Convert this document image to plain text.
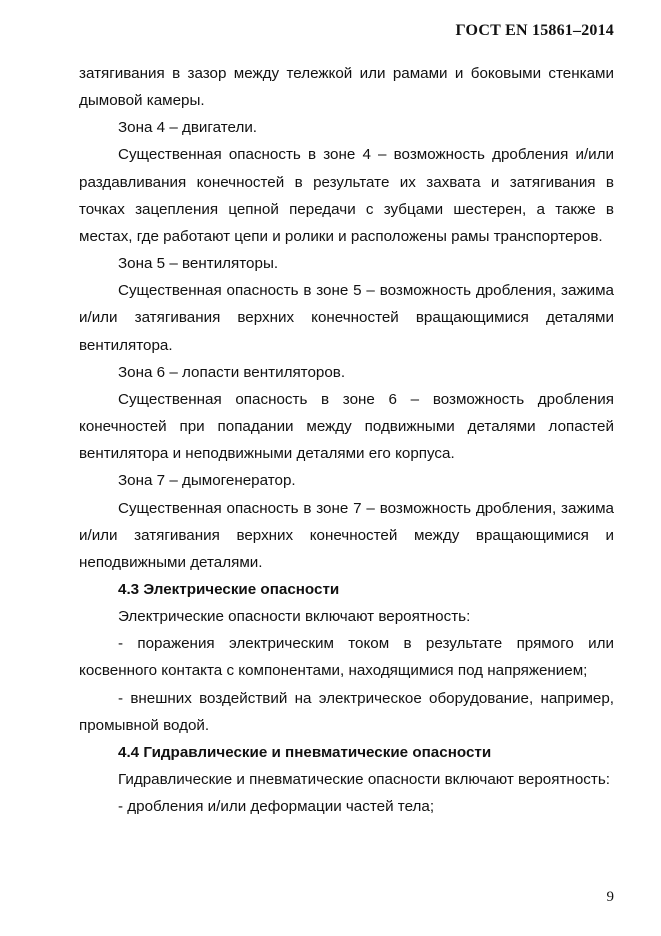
ГОСТ EN 15861–2014

затягивания в зазор между тележкой или рамами и боковыми стенками дымовой камеры.

Зона 4 – двигатели.

Существенная опасность в зоне 4 – возможность дробления и/или раздавливания конечностей в результате их захвата и затягивания в точках зацепления цепной передачи с зубцами шестерен, а также в местах, где работают цепи и ролики и расположены рамы транспортеров.

Зона 5 – вентиляторы.

Существенная опасность в зоне 5 – возможность дробления, зажима и/или затягивания верхних конечностей вращающимися деталями вентилятора.

Зона 6 – лопасти вентиляторов.

Существенная опасность в зоне 6 – возможность дробления конечностей при попадании между подвижными деталями лопастей вентилятора и неподвижными деталями его корпуса.

Зона 7 – дымогенератор.

Существенная опасность в зоне 7 – возможность дробления, зажима и/или затягивания верхних конечностей между вращающимися и неподвижными деталями.

4.3 Электрические опасности

Электрические опасности включают вероятность:

- поражения электрическим током в результате прямого или косвенного контакта с компонентами, находящимися под напряжением;

- внешних воздействий на электрическое оборудование, например, промывной водой.

4.4 Гидравлические и пневматические опасности

Гидравлические и пневматические опасности включают вероятность:

- дробления и/или деформации частей тела;

9
